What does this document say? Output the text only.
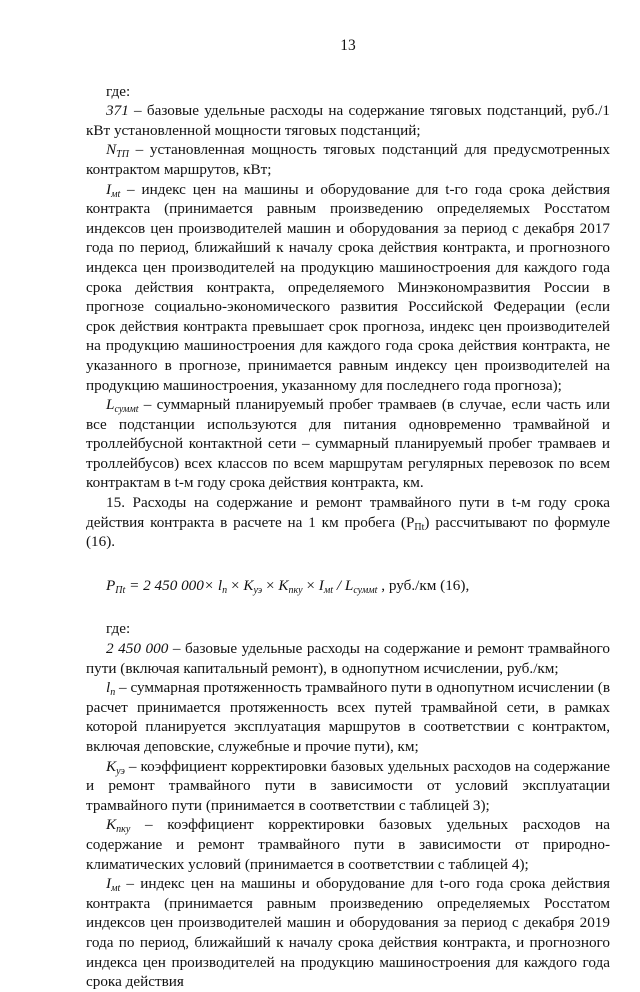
13

где:

371 – базовые удельные расходы на содержание тяговых подстанций, руб./1 кВт установленной мощности тяговых подстанций;

$N_{ТП}$ – установленная мощность тяговых подстанций для предусмотренных контрактом маршрутов, кВт;

$I_{мt}$ – индекс цен на машины и оборудование для t-го года срока действия контракта (принимается равным произведению определяемых Росстатом индексов цен производителей машин и оборудования за период с декабря 2017 года по период, ближайший к началу срока действия контракта, и прогнозного индекса цен производителей на продукцию машиностроения для каждого года срока действия контракта, определяемого Минэкономразвития России в прогнозе социально-экономического развития Российской Федерации (если срок действия контракта превышает срок прогноза, индекс цен производителей на продукцию машиностроения для каждого года срока действия контракта, не указанного в прогнозе, принимается равным индексу цен производителей на продукцию машиностроения, указанному для последнего года прогноза);

$L_{суммt}$ – суммарный планируемый пробег трамваев (в случае, если часть или все подстанции используются для питания одновременно трамвайной и троллейбусной контактной сети – суммарный планируемый пробег трамваев и троллейбусов) всех классов по всем маршрутам регулярных перевозок по всем контрактам в t-м году срока действия контракта, км.

15. Расходы на содержание и ремонт трамвайного пути в t-м году срока действия контракта в расчете на 1 км пробега $(P_{Пt})$ рассчитывают по формуле (16).

$P_{Пt} = 2$ 450 $000\times l_п \times K_{уэ} \times K_{пку} \times I_{мt} / L_{суммt}$ , руб./км (16),

где:

2 450 000 – базовые удельные расходы на содержание и ремонт трамвайного пути (включая капитальный ремонт), в однопутном исчислении, руб./км;

$l_п$ – суммарная протяженность трамвайного пути в однопутном исчислении (в расчет принимается протяженность всех путей трамвайной сети, в рамках которой планируется эксплуатация маршрутов в соответствии с контрактом, включая деповские, служебные и прочие пути), км;

$K_{уэ}$ – коэффициент корректировки базовых удельных расходов на содержание и ремонт трамвайного пути в зависимости от условий эксплуатации трамвайного пути (принимается в соответствии с таблицей 3);

$K_{пку}$ – коэффициент корректировки базовых удельных расходов на содержание и ремонт трамвайного пути в зависимости от природно-климатических условий (принимается в соответствии с таблицей 4);

$I_{мt}$ – индекс цен на машины и оборудование для t-ого года срока действия контракта (принимается равным произведению определяемых Росстатом индексов цен производителей машин и оборудования за период с декабря 2019 года по период, ближайший к началу срока действия контракта, и прогнозного индекса цен производителей на продукцию машиностроения для каждого года срока действия
